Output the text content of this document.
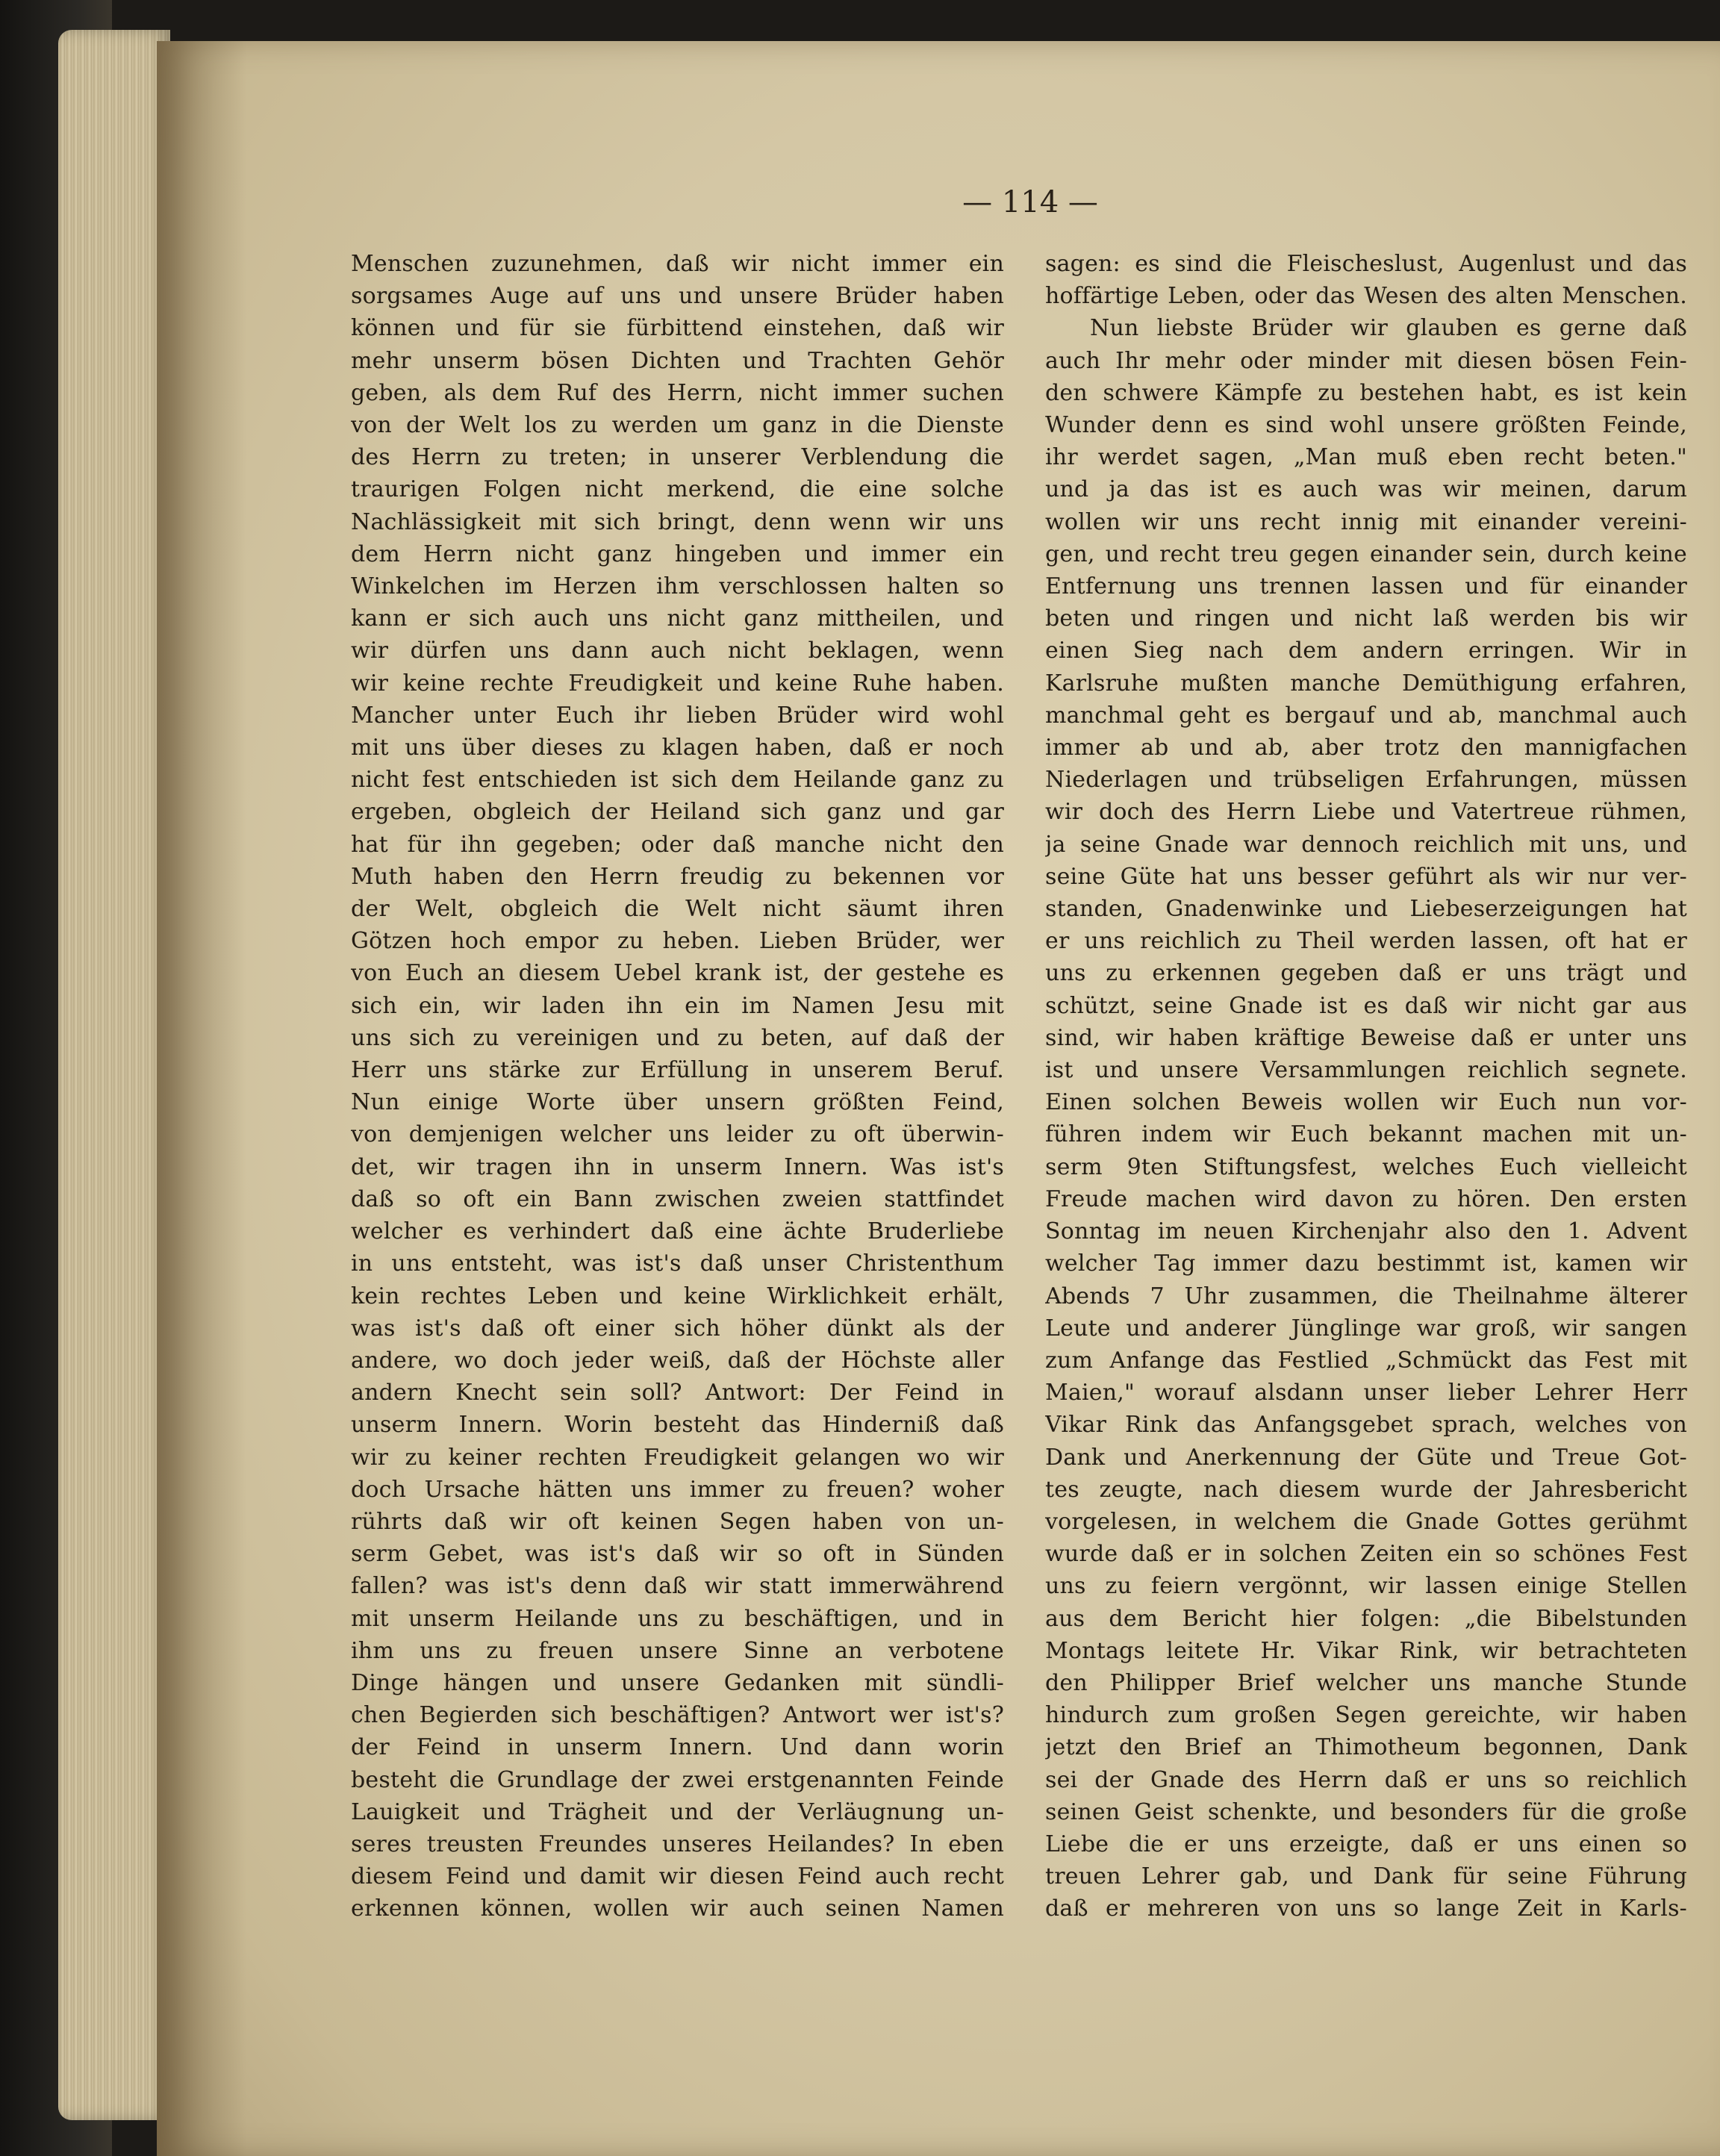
— 114 —
Menschen zuzunehmen, daß wir nicht immer ein
sorgsames Auge auf uns und unsere Brüder haben
können und für sie fürbittend einstehen, daß wir
mehr unserm bösen Dichten und Trachten Gehör
geben, als dem Ruf des Herrn, nicht immer suchen
von der Welt los zu werden um ganz in die Dienste
des Herrn zu treten; in unserer Verblendung die
traurigen Folgen nicht merkend, die eine solche
Nachlässigkeit mit sich bringt, denn wenn wir uns
dem Herrn nicht ganz hingeben und immer ein
Winkelchen im Herzen ihm verschlossen halten so
kann er sich auch uns nicht ganz mittheilen, und
wir dürfen uns dann auch nicht beklagen, wenn
wir keine rechte Freudigkeit und keine Ruhe haben.
Mancher unter Euch ihr lieben Brüder wird wohl
mit uns über dieses zu klagen haben, daß er noch
nicht fest entschieden ist sich dem Heilande ganz zu
ergeben, obgleich der Heiland sich ganz und gar
hat für ihn gegeben; oder daß manche nicht den
Muth haben den Herrn freudig zu bekennen vor
der Welt, obgleich die Welt nicht säumt ihren
Götzen hoch empor zu heben. Lieben Brüder, wer
von Euch an diesem Uebel krank ist, der gestehe es
sich ein, wir laden ihn ein im Namen Jesu mit
uns sich zu vereinigen und zu beten, auf daß der
Herr uns stärke zur Erfüllung in unserem Beruf.
Nun einige Worte über unsern größten Feind,
von demjenigen welcher uns leider zu oft überwin-
det, wir tragen ihn in unserm Innern. Was ist's
daß so oft ein Bann zwischen zweien stattfindet
welcher es verhindert daß eine ächte Bruderliebe
in uns entsteht, was ist's daß unser Christenthum
kein rechtes Leben und keine Wirklichkeit erhält,
was ist's daß oft einer sich höher dünkt als der
andere, wo doch jeder weiß, daß der Höchste aller
andern Knecht sein soll? Antwort: Der Feind in
unserm Innern. Worin besteht das Hinderniß daß
wir zu keiner rechten Freudigkeit gelangen wo wir
doch Ursache hätten uns immer zu freuen? woher
rührts daß wir oft keinen Segen haben von un-
serm Gebet, was ist's daß wir so oft in Sünden
fallen? was ist's denn daß wir statt immerwährend
mit unserm Heilande uns zu beschäftigen, und in
ihm uns zu freuen unsere Sinne an verbotene
Dinge hängen und unsere Gedanken mit sündli-
chen Begierden sich beschäftigen? Antwort wer ist's?
der Feind in unserm Innern. Und dann worin
besteht die Grundlage der zwei erstgenannten Feinde
Lauigkeit und Trägheit und der Verläugnung un-
seres treusten Freundes unseres Heilandes? In eben
diesem Feind und damit wir diesen Feind auch recht
erkennen können, wollen wir auch seinen Namen
sagen: es sind die Fleischeslust, Augenlust und das
hoffärtige Leben, oder das Wesen des alten Menschen.
Nun liebste Brüder wir glauben es gerne daß
auch Ihr mehr oder minder mit diesen bösen Fein-
den schwere Kämpfe zu bestehen habt, es ist kein
Wunder denn es sind wohl unsere größten Feinde,
ihr werdet sagen, „Man muß eben recht beten."
und ja das ist es auch was wir meinen, darum
wollen wir uns recht innig mit einander vereini-
gen, und recht treu gegen einander sein, durch keine
Entfernung uns trennen lassen und für einander
beten und ringen und nicht laß werden bis wir
einen Sieg nach dem andern erringen. Wir in
Karlsruhe mußten manche Demüthigung erfahren,
manchmal geht es bergauf und ab, manchmal auch
immer ab und ab, aber trotz den mannigfachen
Niederlagen und trübseligen Erfahrungen, müssen
wir doch des Herrn Liebe und Vatertreue rühmen,
ja seine Gnade war dennoch reichlich mit uns, und
seine Güte hat uns besser geführt als wir nur ver-
standen, Gnadenwinke und Liebeserzeigungen hat
er uns reichlich zu Theil werden lassen, oft hat er
uns zu erkennen gegeben daß er uns trägt und
schützt, seine Gnade ist es daß wir nicht gar aus
sind, wir haben kräftige Beweise daß er unter uns
ist und unsere Versammlungen reichlich segnete.
Einen solchen Beweis wollen wir Euch nun vor-
führen indem wir Euch bekannt machen mit un-
serm 9ten Stiftungsfest, welches Euch vielleicht
Freude machen wird davon zu hören. Den ersten
Sonntag im neuen Kirchenjahr also den 1. Advent
welcher Tag immer dazu bestimmt ist, kamen wir
Abends 7 Uhr zusammen, die Theilnahme älterer
Leute und anderer Jünglinge war groß, wir sangen
zum Anfange das Festlied „Schmückt das Fest mit
Maien," worauf alsdann unser lieber Lehrer Herr
Vikar Rink das Anfangsgebet sprach, welches von
Dank und Anerkennung der Güte und Treue Got-
tes zeugte, nach diesem wurde der Jahresbericht
vorgelesen, in welchem die Gnade Gottes gerühmt
wurde daß er in solchen Zeiten ein so schönes Fest
uns zu feiern vergönnt, wir lassen einige Stellen
aus dem Bericht hier folgen: „die Bibelstunden
Montags leitete Hr. Vikar Rink, wir betrachteten
den Philipper Brief welcher uns manche Stunde
hindurch zum großen Segen gereichte, wir haben
jetzt den Brief an Thimotheum begonnen, Dank
sei der Gnade des Herrn daß er uns so reichlich
seinen Geist schenkte, und besonders für die große
Liebe die er uns erzeigte, daß er uns einen so
treuen Lehrer gab, und Dank für seine Führung
daß er mehreren von uns so lange Zeit in Karls-
